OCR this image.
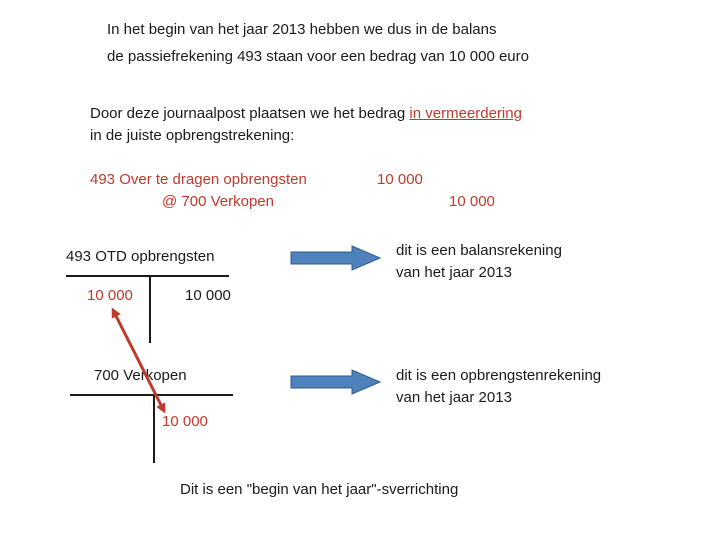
In het begin van het jaar 2013 hebben we dus in de balans
de passiefrekening 493 staan voor een bedrag van 10 000 euro
Door deze journaalpost plaatsen we het bedrag in vermeerdering
in de juiste opbrengstrekening:
493 Over te dragen opbrengsten
@ 700 Verkopen
10 000
10 000
493 OTD opbrengsten
10 000	10 000
dit is een balansrekening
van het jaar 2013
700 Verkopen
10 000
dit is een opbrengstenrekening
van het jaar 2013
Dit is een "begin van het jaar"-sverrichting
